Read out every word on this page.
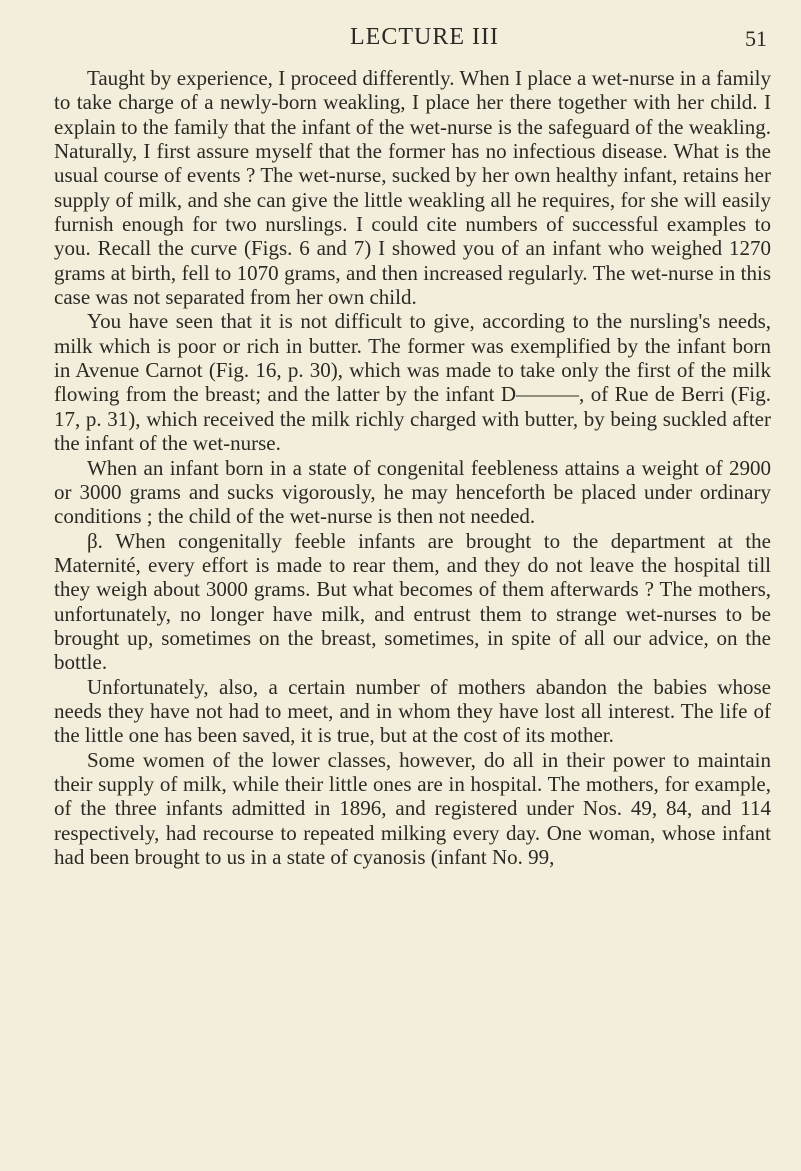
LECTURE III	51

Taught by experience, I proceed differently. When I place a wet-nurse in a family to take charge of a newly-born weakling, I place her there together with her child. I explain to the family that the infant of the wet-nurse is the safeguard of the weakling. Naturally, I first assure myself that the former has no infectious disease. What is the usual course of events ? The wet-nurse, sucked by her own healthy infant, retains her supply of milk, and she can give the little weakling all he requires, for she will easily furnish enough for two nurslings. I could cite numbers of successful examples to you. Recall the curve (Figs. 6 and 7) I showed you of an infant who weighed 1270 grams at birth, fell to 1070 grams, and then increased regularly. The wet-nurse in this case was not separated from her own child.

You have seen that it is not difficult to give, according to the nursling's needs, milk which is poor or rich in butter. The former was exemplified by the infant born in Avenue Carnot (Fig. 16, p. 30), which was made to take only the first of the milk flowing from the breast; and the latter by the infant D———, of Rue de Berri (Fig. 17, p. 31), which received the milk richly charged with butter, by being suckled after the infant of the wet-nurse.

When an infant born in a state of congenital feebleness attains a weight of 2900 or 3000 grams and sucks vigorously, he may henceforth be placed under ordinary conditions ; the child of the wet-nurse is then not needed.

β. When congenitally feeble infants are brought to the department at the Maternité, every effort is made to rear them, and they do not leave the hospital till they weigh about 3000 grams. But what becomes of them afterwards ? The mothers, unfortunately, no longer have milk, and entrust them to strange wet-nurses to be brought up, sometimes on the breast, sometimes, in spite of all our advice, on the bottle.

Unfortunately, also, a certain number of mothers abandon the babies whose needs they have not had to meet, and in whom they have lost all interest. The life of the little one has been saved, it is true, but at the cost of its mother.

Some women of the lower classes, however, do all in their power to maintain their supply of milk, while their little ones are in hospital. The mothers, for example, of the three infants admitted in 1896, and registered under Nos. 49, 84, and 114 respectively, had recourse to repeated milking every day. One woman, whose infant had been brought to us in a state of cyanosis (infant No. 99,
